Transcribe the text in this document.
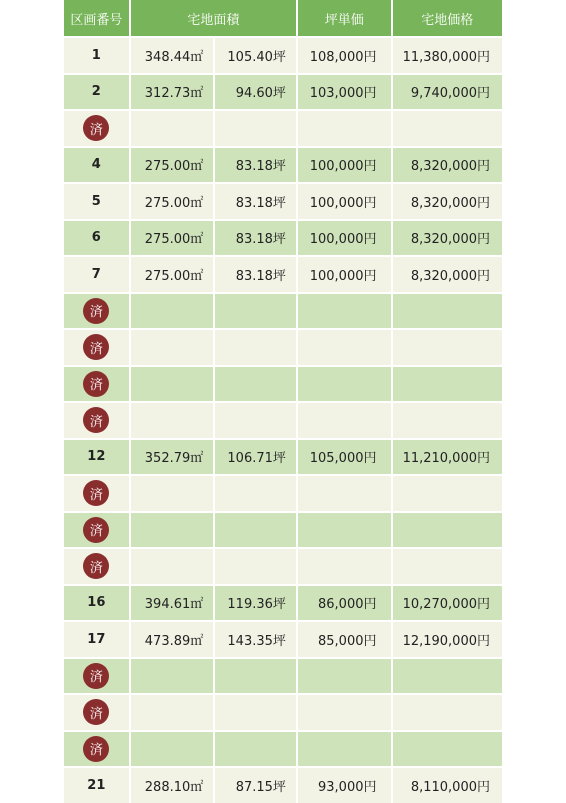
区画番号	宅地面積	坪単価	宅地価格
1	348.44㎡	105.40坪	108,000円	11,380,000円
2	312.73㎡	94.60坪	103,000円	9,740,000円
済
4	275.00㎡	83.18坪	100,000円	8,320,000円
5	275.00㎡	83.18坪	100,000円	8,320,000円
6	275.00㎡	83.18坪	100,000円	8,320,000円
7	275.00㎡	83.18坪	100,000円	8,320,000円
済
済
済
済
12	352.79㎡	106.71坪	105,000円	11,210,000円
済
済
済
16	394.61㎡	119.36坪	86,000円	10,270,000円
17	473.89㎡	143.35坪	85,000円	12,190,000円
済
済
済
21	288.10㎡	87.15坪	93,000円	8,110,000円
